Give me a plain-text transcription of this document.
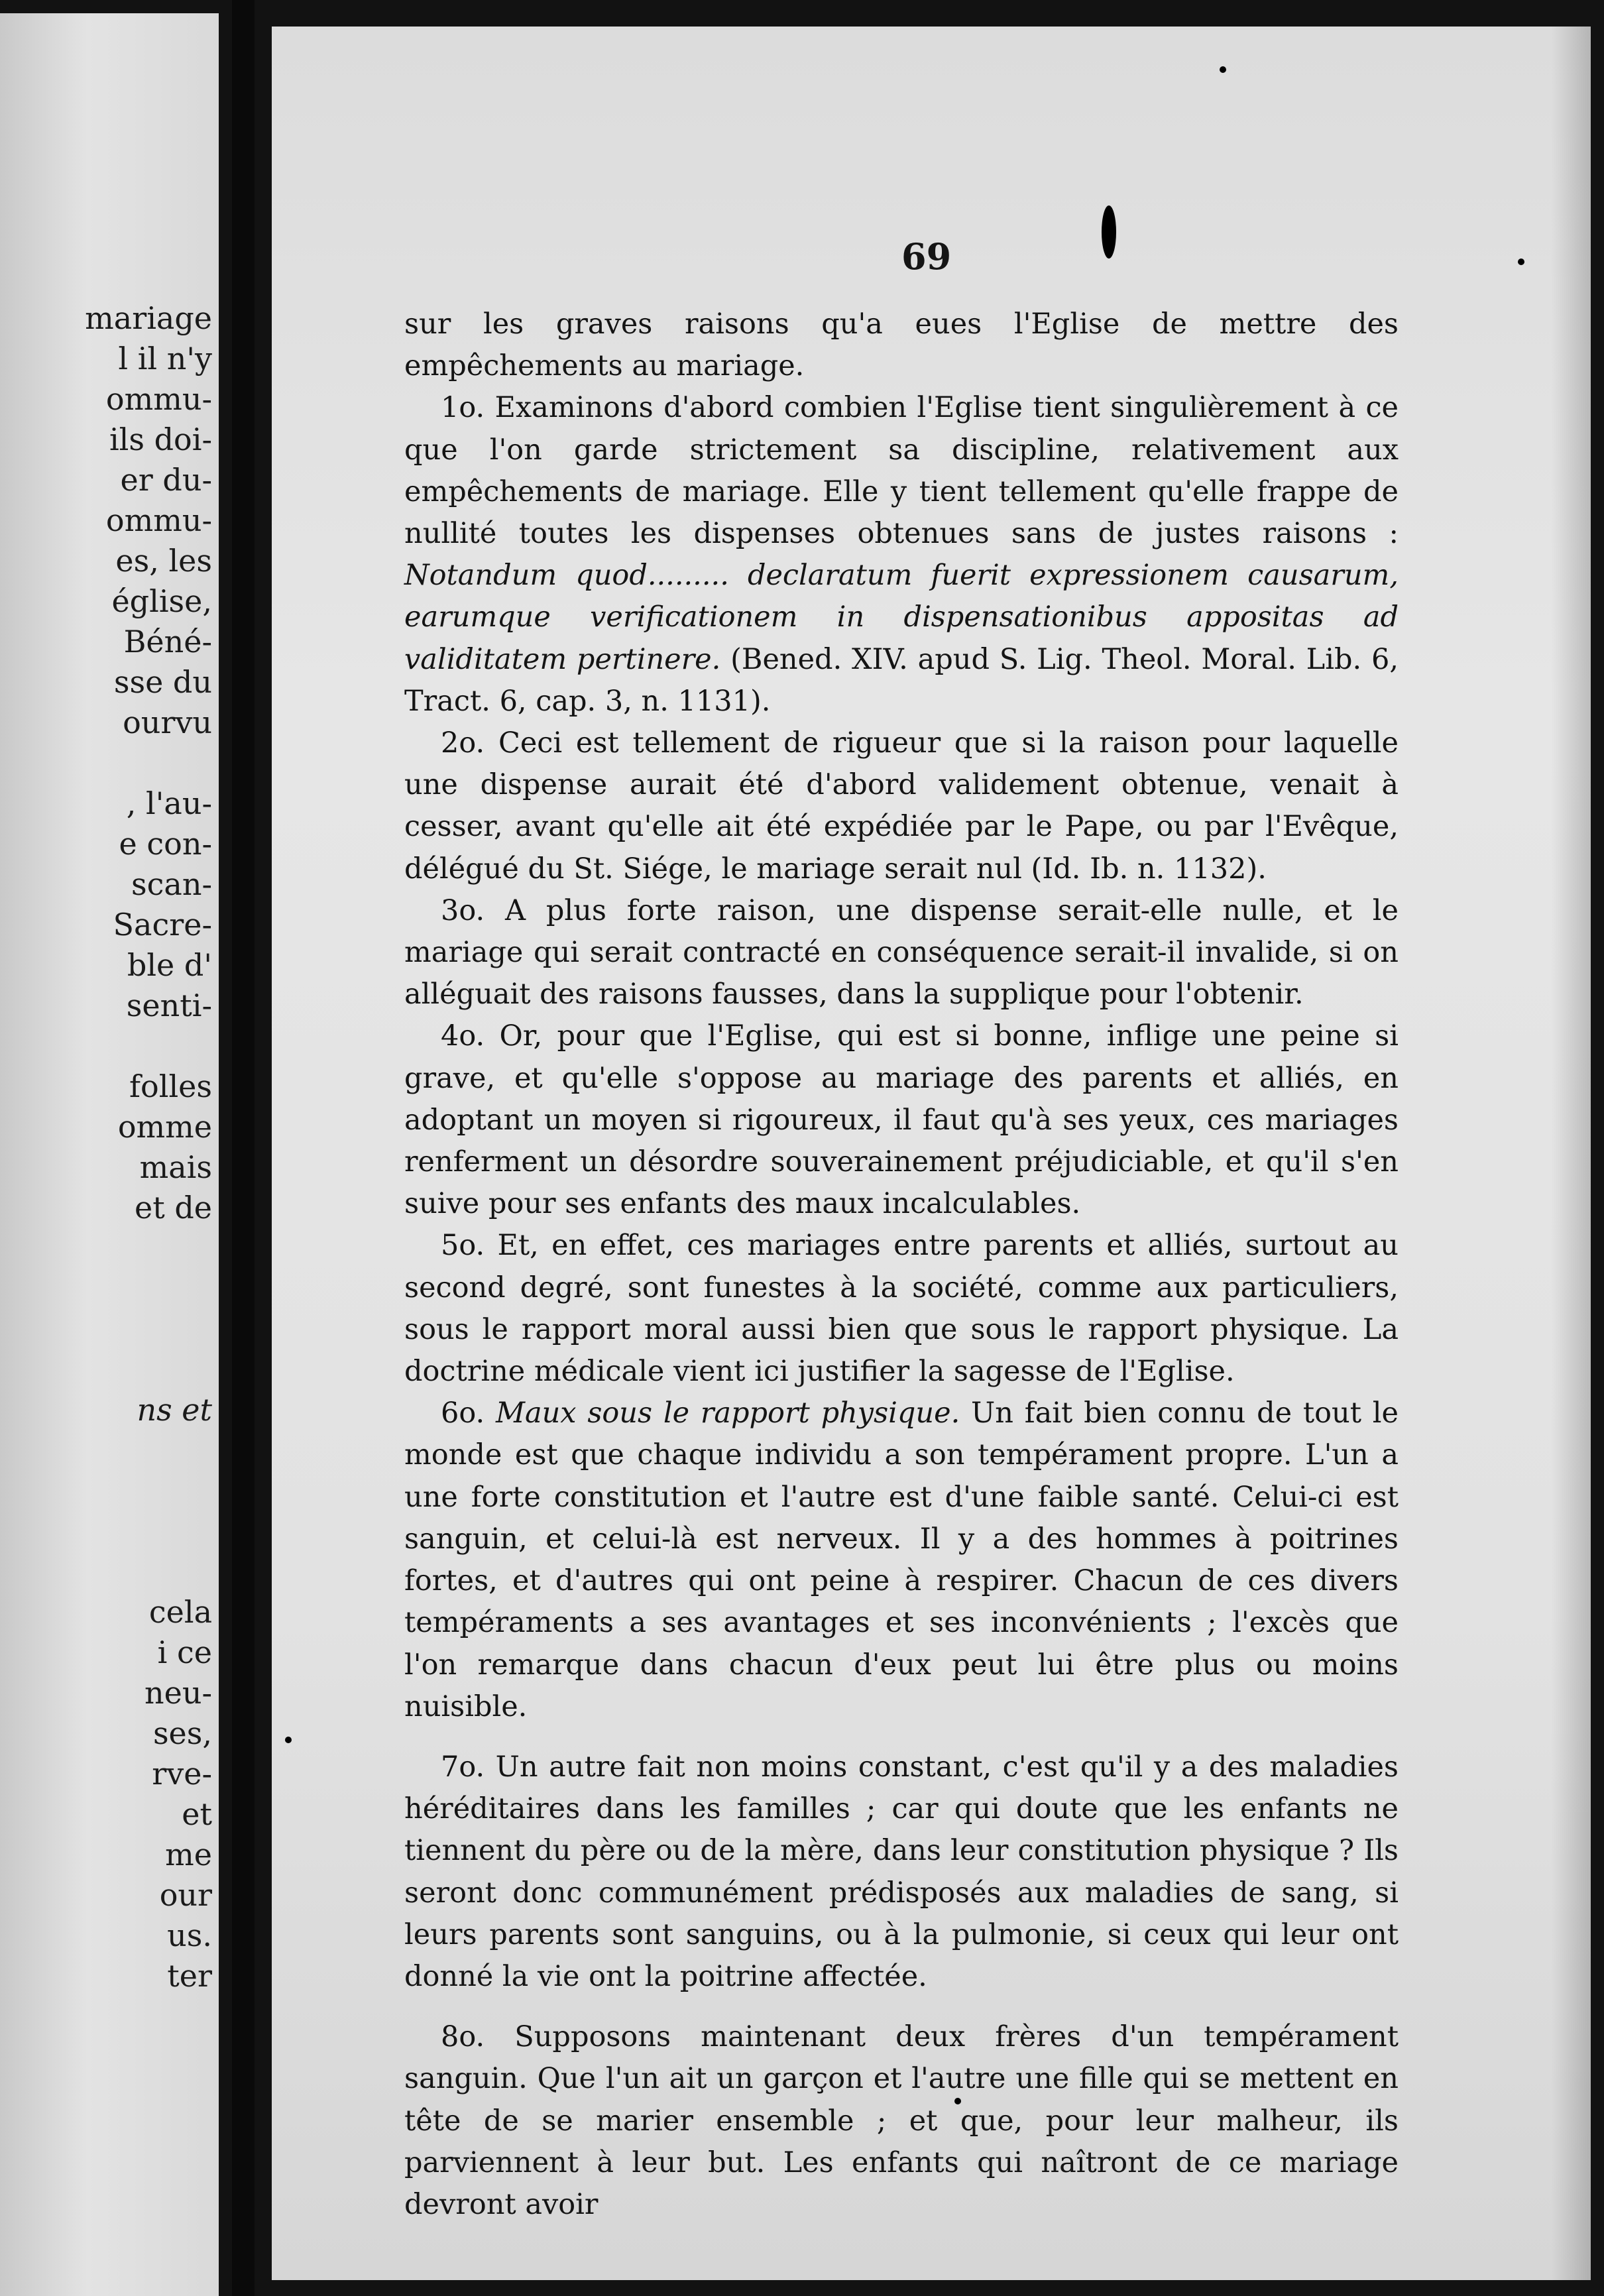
mariage
l il n'y
ommu-
ils doi-
er du-
ommu-
es, les
église,
Béné-
sse du
ourvu
, l'au-
e con-
scan-
Sacre-
ble d'
senti-
folles
omme
mais
et de
ns et
cela
i ce
neu-
ses,
rve-
et
me
our
us.
ter
69

sur les graves raisons qu'a eues l'Eglise de mettre des empêchements au mariage.

1o. Examinons d'abord combien l'Eglise tient singulièrement à ce que l'on garde strictement sa discipline, relativement aux empêchements de mariage. Elle y tient tellement qu'elle frappe de nullité toutes les dispenses obtenues sans de justes raisons : Notandum quod......... declaratum fuerit expressionem causarum, earumque verificationem in dispensationibus appositas ad validitatem pertinere. (Bened. XIV. apud S. Lig. Theol. Moral. Lib. 6, Tract. 6, cap. 3, n. 1131).

2o. Ceci est tellement de rigueur que si la raison pour laquelle une dispense aurait été d'abord validement obtenue, venait à cesser, avant qu'elle ait été expédiée par le Pape, ou par l'Evêque, délégué du St. Siége, le mariage serait nul (Id. Ib. n. 1132).

3o. A plus forte raison, une dispense serait-elle nulle, et le mariage qui serait contracté en conséquence serait-il invalide, si on alléguait des raisons fausses, dans la supplique pour l'obtenir.

4o. Or, pour que l'Eglise, qui est si bonne, inflige une peine si grave, et qu'elle s'oppose au mariage des parents et alliés, en adoptant un moyen si rigoureux, il faut qu'à ses yeux, ces mariages renferment un désordre souverainement préjudiciable, et qu'il s'en suive pour ses enfants des maux incalculables.

5o. Et, en effet, ces mariages entre parents et alliés, surtout au second degré, sont funestes à la société, comme aux particuliers, sous le rapport moral aussi bien que sous le rapport physique. La doctrine médicale vient ici justifier la sagesse de l'Eglise.

6o. Maux sous le rapport physique. Un fait bien connu de tout le monde est que chaque individu a son tempérament propre. L'un a une forte constitution et l'autre est d'une faible santé. Celui-ci est sanguin, et celui-là est nerveux. Il y a des hommes à poitrines fortes, et d'autres qui ont peine à respirer. Chacun de ces divers tempéraments a ses avantages et ses inconvénients ; l'excès que l'on remarque dans chacun d'eux peut lui être plus ou moins nuisible.

7o. Un autre fait non moins constant, c'est qu'il y a des maladies héréditaires dans les familles ; car qui doute que les enfants ne tiennent du père ou de la mère, dans leur constitution physique ? Ils seront donc communément prédisposés aux maladies de sang, si leurs parents sont sanguins, ou à la pulmonie, si ceux qui leur ont donné la vie ont la poitrine affectée.

8o. Supposons maintenant deux frères d'un tempérament sanguin. Que l'un ait un garçon et l'autre une fille qui se mettent en tête de se marier ensemble ; et que, pour leur malheur, ils parviennent à leur but. Les enfants qui naîtront de ce mariage devront avoir
